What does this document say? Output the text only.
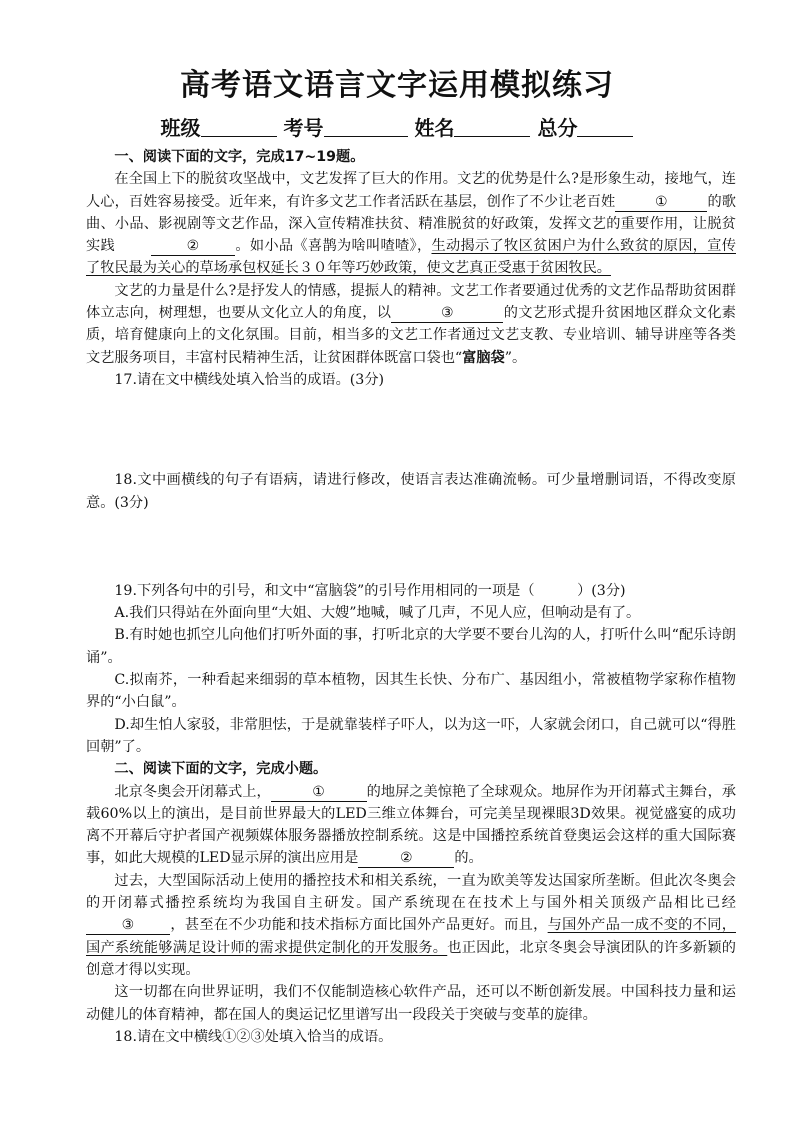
高考语文语言文字运用模拟练习
班级	考号	姓名	总分

一、阅读下面的文字，完成17~19题。

在全国上下的脱贫攻坚战中，文艺发挥了巨大的作用。文艺的优势是什么?是形象生动，接地气，连人心，百姓容易接受。近年来，有许多文艺工作者活跃在基层，创作了不少让老百姓	①	的歌曲、小品、影视剧等文艺作品，深入宣传精准扶贫、精准脱贫的好政策，发挥文艺的重要作用，让脱贫实践	②	。如小品《喜鹊为啥叫喳喳》，生动揭示了牧区贫困户为什么致贫的原因，宣传了牧民最为关心的草场承包权延长３０年等巧妙政策，使文艺真正受惠于贫困牧民。

文艺的力量是什么?是抒发人的情感，提振人的精神。文艺工作者要通过优秀的文艺作品帮助贫困群体立志向，树理想，也要从文化立人的角度，以	③	的文艺形式提升贫困地区群众文化素质，培育健康向上的文化氛围。目前，相当多的文艺工作者通过文艺支教、专业培训、辅导讲座等各类文艺服务项目，丰富村民精神生活，让贫困群体既富口袋也“富脑袋”。

17.请在文中横线处填入恰当的成语。(3分)

18.文中画横线的句子有语病，请进行修改，使语言表达准确流畅。可少量增删词语，不得改变原意。(3分)

19.下列各句中的引号，和文中“富脑袋”的引号作用相同的一项是（　　　）(3分)

A.我们只得站在外面向里“大姐、大嫂”地喊，喊了几声，不见人应，但响动是有了。

B.有时她也抓空儿向他们打听外面的事，打听北京的大学要不要台儿沟的人，打听什么叫“配乐诗朗诵”。

C.拟南芥，一种看起来细弱的草本植物，因其生长快、分布广、基因组小，常被植物学家称作植物界的“小白鼠”。

D.却生怕人家驳，非常胆怯，于是就靠装样子吓人，以为这一吓，人家就会闭口，自己就可以“得胜回朝”了。

二、阅读下面的文字，完成小题。

北京冬奥会开闭幕式上，	①	的地屏之美惊艳了全球观众。地屏作为开闭幕式主舞台，承载60%以上的演出，是目前世界最大的LED三维立体舞台，可完美呈现裸眼3D效果。视觉盛宴的成功离不开幕后守护者国产视频媒体服务器播放控制系统。这是中国播控系统首登奥运会这样的重大国际赛事，如此大规模的LED显示屏的演出应用是	②	的。

过去，大型国际活动上使用的播控技术和相关系统，一直为欧美等发达国家所垄断。但此次冬奥会的开闭幕式播控系统均为我国自主研发。国产系统现在在技术上与国外相关顶级产品相比已经③	，甚至在不少功能和技术指标方面比国外产品更好。而且，与国外产品一成不变的不同，国产系统能够满足设计师的需求提供定制化的开发服务。也正因此，北京冬奥会导演团队的许多新颖的创意才得以实现。

这一切都在向世界证明，我们不仅能制造核心软件产品，还可以不断创新发展。中国科技力量和运动健儿的体育精神，都在国人的奥运记忆里谱写出一段段关于突破与变革的旋律。

18.请在文中横线①②③处填入恰当的成语。
